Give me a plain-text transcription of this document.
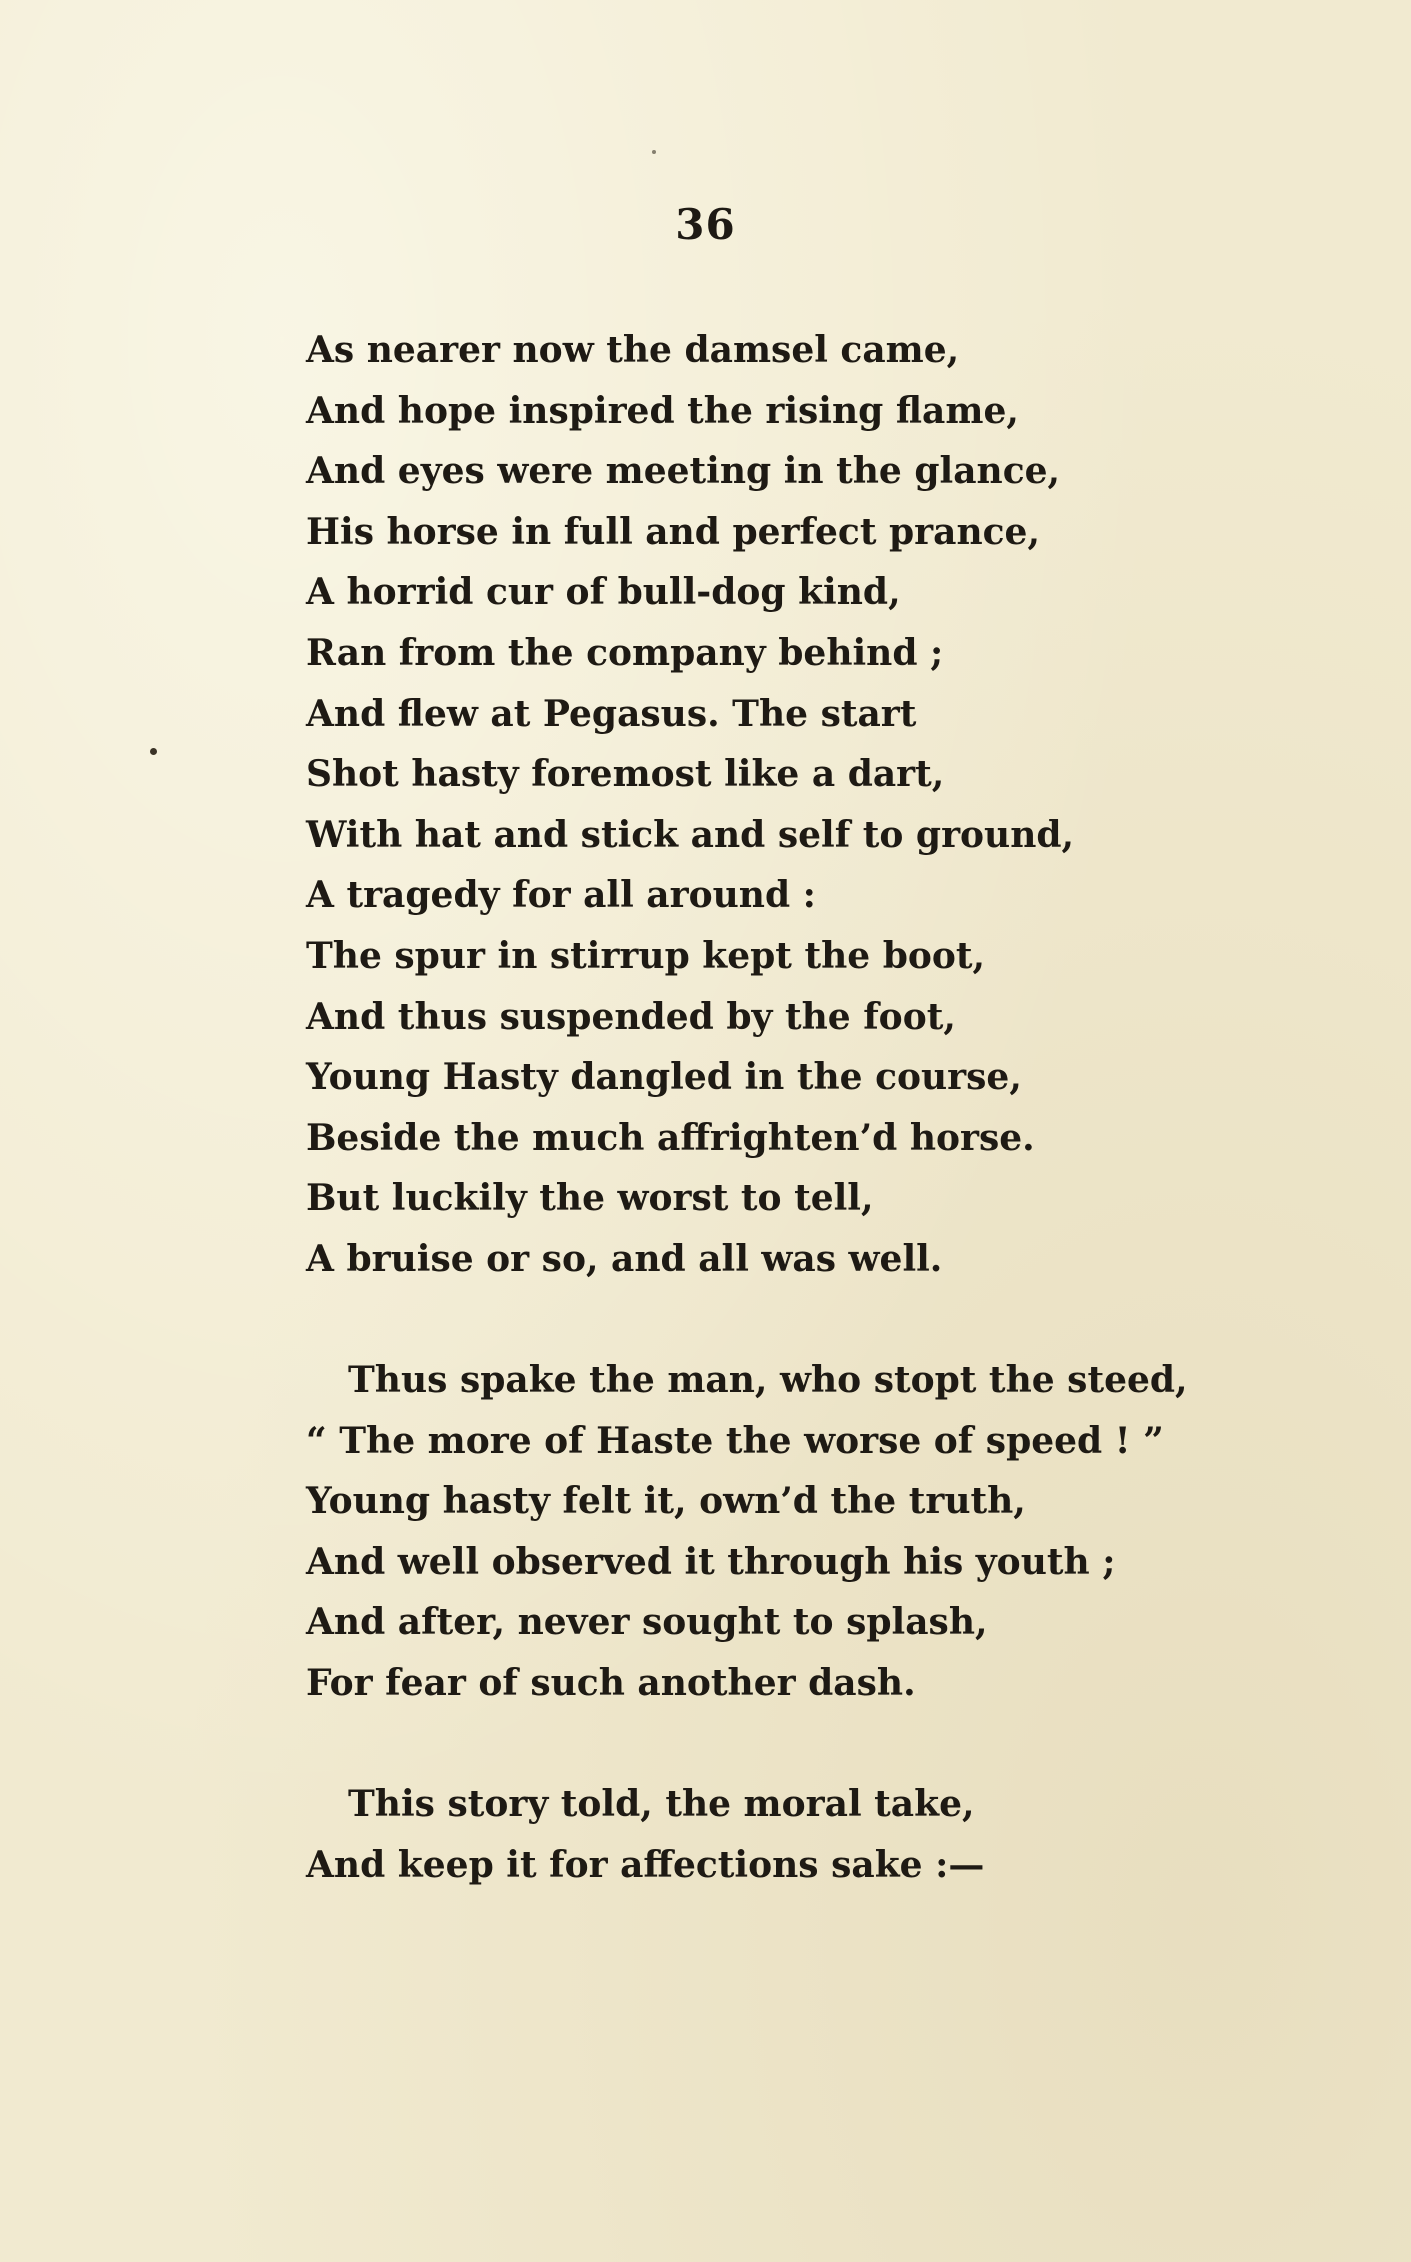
36
As nearer now the damsel came,
And hope inspired the rising flame,
And eyes were meeting in the glance,
His horse in full and perfect prance,
A horrid cur of bull-dog kind,
Ran from the company behind ;
And flew at Pegasus. The start
Shot hasty foremost like a dart,
With hat and stick and self to ground,
A tragedy for all around :
The spur in stirrup kept the boot,
And thus suspended by the foot,
Young Hasty dangled in the course,
Beside the much affrighten’d horse.
But luckily the worst to tell,
A bruise or so, and all was well.
Thus spake the man, who stopt the steed,
“ The more of Haste the worse of speed ! ”
Young hasty felt it, own’d the truth,
And well observed it through his youth ;
And after, never sought to splash,
For fear of such another dash.
This story told, the moral take,
And keep it for affections sake :—
